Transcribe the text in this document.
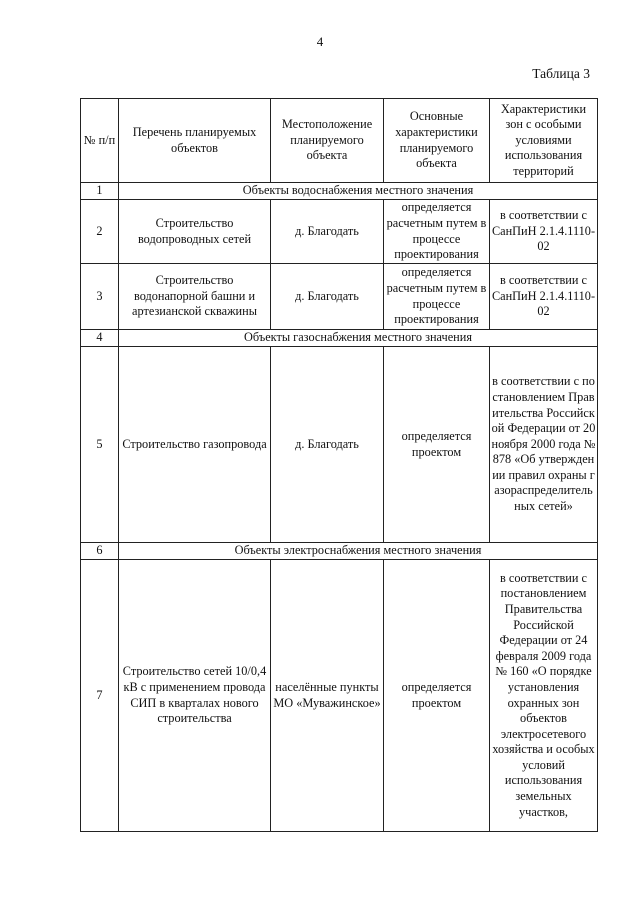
4
Таблица 3
№ п/п	Перечень планируемых объектов	Местоположение планируемого объекта	Основные характеристики планируемого объекта	Характеристики зон с особыми условиями использования территорий
1	Объекты водоснабжения местного значения			
2	Строительство водопроводных сетей	д. Благодать	определяется расчетным путем в процессе проектирования	в соответствии с СанПиН 2.1.4.1110-02
3	Строительство водонапорной башни и артезианской скважины	д. Благодать	определяется расчетным путем в процессе проектирования	в соответствии с СанПиН 2.1.4.1110-02
4	Объекты газоснабжения местного значения			
5	Строительство газопровода	д. Благодать	определяется проектом	в соответствии с постановлением Правительства Российской Федерации от 20 ноября 2000 года № 878 «Об утверждении правил охраны газораспределительных сетей»
6	Объекты электроснабжения местного значения			
7	Строительство сетей 10/0,4 кВ с применением провода СИП в кварталах нового строительства	населённые пункты МО «Муважинское»	определяется проектом	в соответствии с постановлением Правительства Российской Федерации от 24 февраля 2009 года № 160 «О порядке установления охранных зон объектов электросетевого хозяйства и особых условий использования земельных участков,
